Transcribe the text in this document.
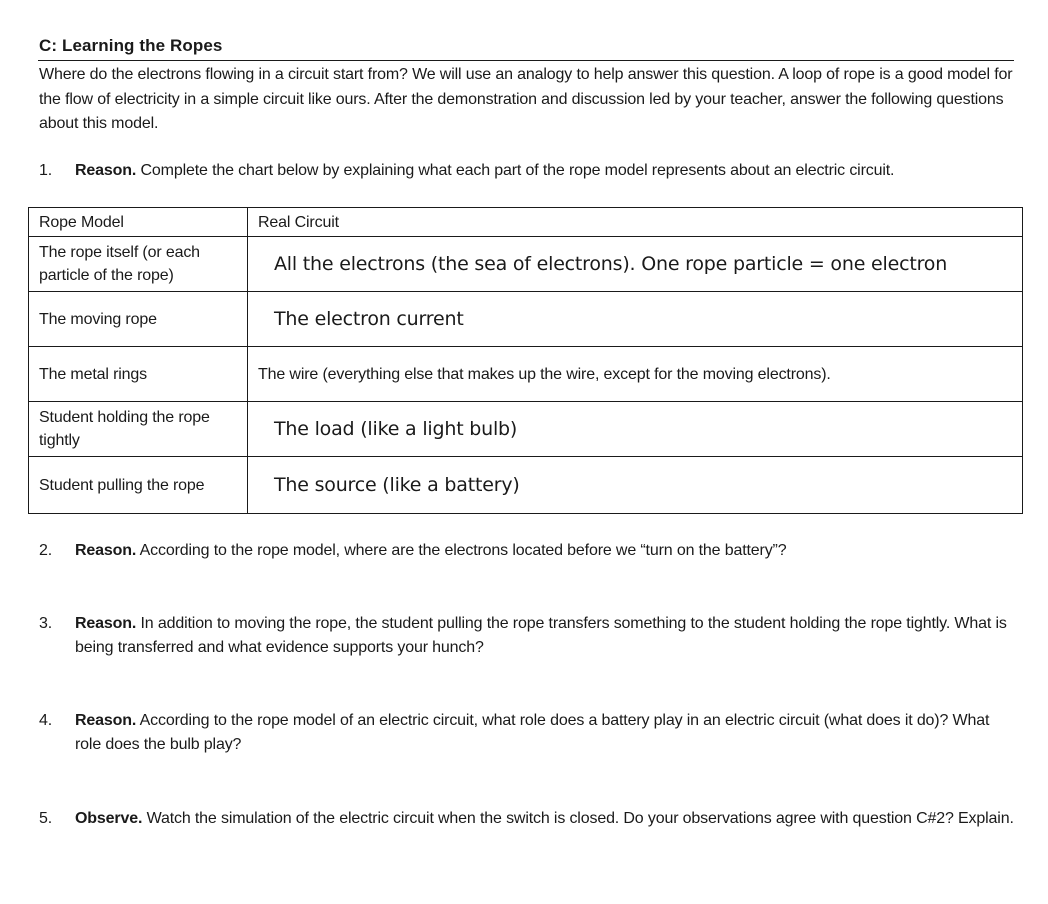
C: Learning the Ropes
Where do the electrons flowing in a circuit start from? We will use an analogy to help answer this question. A loop of rope is a good model for the flow of electricity in a simple circuit like ours. After the demonstration and discussion led by your teacher, answer the following questions about this model.
1. Reason. Complete the chart below by explaining what each part of the rope model represents about an electric circuit.
Rope Model	Real Circuit
The rope itself (or each particle of the rope)	All the electrons (the sea of electrons). One rope particle = one electron
The moving rope	The electron current
The metal rings	The wire (everything else that makes up the wire, except for the moving electrons).
Student holding the rope tightly	The load (like a light bulb)
Student pulling the rope	The source (like a battery)
2. Reason. According to the rope model, where are the electrons located before we “turn on the battery”?
3. Reason. In addition to moving the rope, the student pulling the rope transfers something to the student holding the rope tightly. What is being transferred and what evidence supports your hunch?
4. Reason. According to the rope model of an electric circuit, what role does a battery play in an electric circuit (what does it do)? What role does the bulb play?
5. Observe. Watch the simulation of the electric circuit when the switch is closed. Do your observations agree with question C#2? Explain.
